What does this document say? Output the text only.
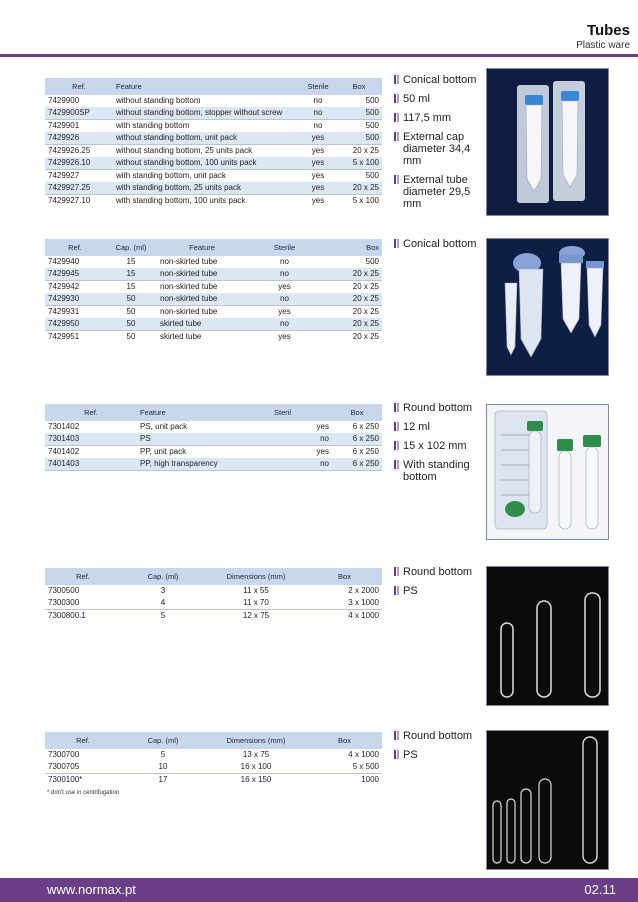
Tubes
Plastic ware
Ref.	Feature	Sterile	Box
7429900	without standing bottom	no	500
7429900SP	without standing bottom, stopper without screw	no	500
7429901	with standing bottom	no	500
7429926	without standing bottom, unit pack	yes	500
7429926.25	without standing bottom, 25 units pack	yes	20 x 25
7429926.10	without standing bottom, 100 units pack	yes	5 x 100
7429927	with standing bottom, unit pack	yes	500
7429927.25	with standing bottom, 25 units pack	yes	20 x 25
7429927.10	with standing bottom, 100 units pack	yes	5 x 100
Conical bottom
50 ml
117,5 mm
External cap diameter 34,4 mm
External tube diameter 29,5 mm
Ref.	Cap. (ml)	Feature	Sterile	Box
7429940	15	non-skirted tube	no	500
7429945	15	non-skirted tube	no	20 x 25
7429942	15	non-skirted tube	yes	20 x 25
7429930	50	non-skirted tube	no	20 x 25
7429931	50	non-skirted tube	yes	20 x 25
7429950	50	skirted tube	no	20 x 25
7429951	50	skirted tube	yes	20 x 25
Conical bottom
Ref.	Feature	Steril	Box
7301402	PS, unit pack	yes	6 x 250
7301403	PS	no	6 x 250
7401402	PP, unit pack	yes	6 x 250
7401403	PP, high transparency	no	6 x 250
Round bottom
12 ml
15 x 102 mm
With standing bottom
Ref.	Cap. (ml)	Dimensions (mm)	Box
7300500	3	11 x 55	2 x 2000
7300300	4	11 x 70	3 x 1000
7300800.1	5	12 x 75	4 x 1000
Round bottom
PS
Ref.	Cap. (ml)	Dimensions (mm)	Box
7300700	5	13 x 75	4 x 1000
7300705	10	16 x 100	5 x 500
7300100*	17	16 x 150	1000
* don't use in centrifugation
Round bottom
PS
www.normax.pt	02.11
